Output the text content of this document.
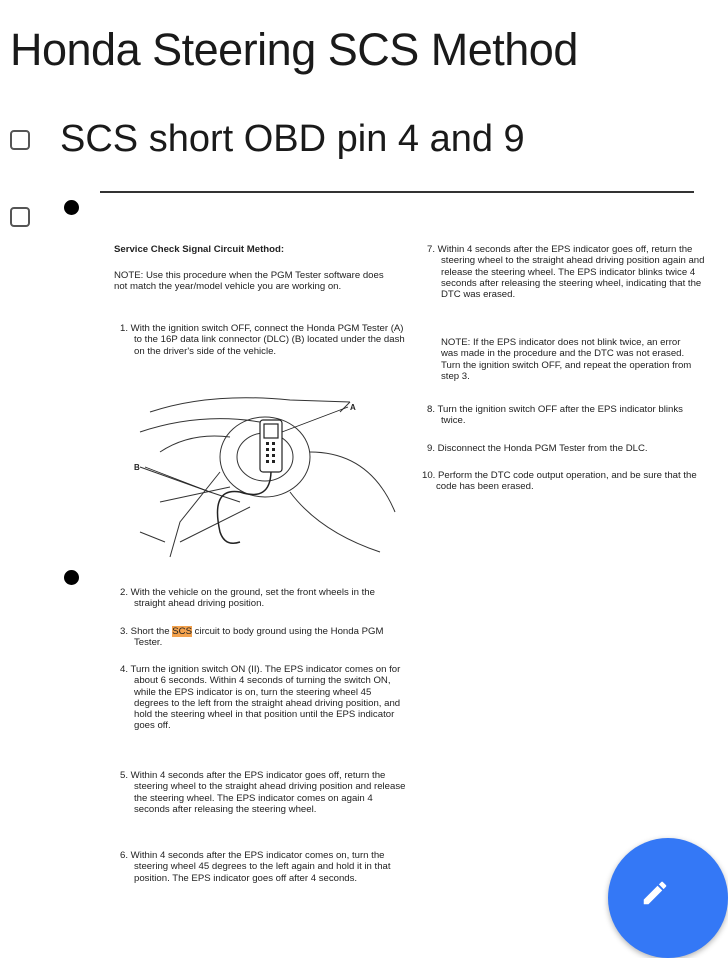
Honda Steering SCS Method
SCS short OBD pin 4 and 9

Service Check Signal Circuit Method:

NOTE: Use this procedure when the PGM Tester software does not match the year/model vehicle you are working on.

1. With the ignition switch OFF, connect the Honda PGM Tester (A) to the 16P data link connector (DLC) (B) located under the dash on the driver's side of the vehicle.

A
B

2. With the vehicle on the ground, set the front wheels in the straight ahead driving position.

3. Short the SCS circuit to body ground using the Honda PGM Tester.

4. Turn the ignition switch ON (II). The EPS indicator comes on for about 6 seconds. Within 4 seconds of turning the switch ON, while the EPS indicator is on, turn the steering wheel 45 degrees to the left from the straight ahead driving position, and hold the steering wheel in that position until the EPS indicator goes off.

5. Within 4 seconds after the EPS indicator goes off, return the steering wheel to the straight ahead driving position and release the steering wheel. The EPS indicator comes on again 4 seconds after releasing the steering wheel.

6. Within 4 seconds after the EPS indicator comes on, turn the steering wheel 45 degrees to the left again and hold it in that position. The EPS indicator goes off after 4 seconds.

7. Within 4 seconds after the EPS indicator goes off, return the steering wheel to the straight ahead driving position again and release the steering wheel. The EPS indicator blinks twice 4 seconds after releasing the steering wheel, indicating that the DTC was erased.

NOTE: If the EPS indicator does not blink twice, an error was made in the procedure and the DTC was not erased. Turn the ignition switch OFF, and repeat the operation from step 3.

8. Turn the ignition switch OFF after the EPS indicator blinks twice.

9. Disconnect the Honda PGM Tester from the DLC.

10. Perform the DTC code output operation, and be sure that the code has been erased.
